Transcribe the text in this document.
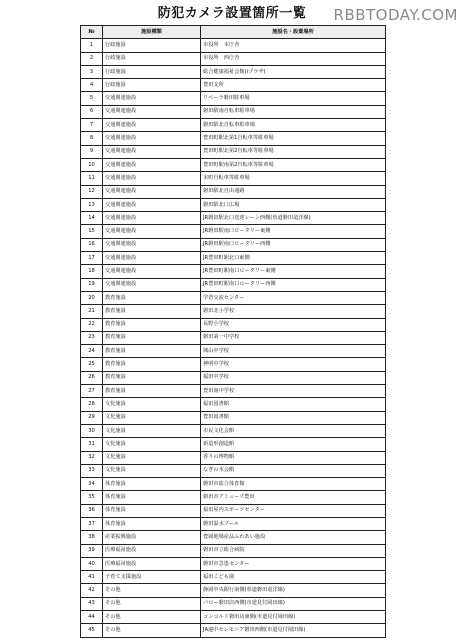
防犯カメラ設置箇所一覧	RBBTODAY.COM
№	施設種類	施設名・設置場所
1	行政施設	市役所　本庁舎
2	行政施設	市役所　西庁舎
3	行政施設	総合健康福祉会館(iプラザ)
4	行政施設	豊田支所
5	交通関連施設	リベーラ磐田駐車場
6	交通関連施設	磐田駅南自転車駐車場
7	交通関連施設	磐田駅北自転車駐車場
8	交通関連施設	豊田町駅北第1自転車等駐車場
9	交通関連施設	豊田町駅北第2自転車等駐車場
10	交通関連施設	豊田町駅南第2自転車等駐車場
11	交通関連施設	末町自転車等駐車場
12	交通関連施設	磐田駅北自由通路
13	交通関連施設	磐田駅北口広場
14	交通関連施設	JR磐田駅北口送迎レーン西側(県道磐田竜洋線)
15	交通関連施設	JR磐田駅南口ロータリー東側
16	交通関連施設	JR磐田駅南口ロータリー西側
17	交通関連施設	JR豊田町駅北口東側
18	交通関連施設	JR豊田町駅南口ロータリー東側
19	交通関連施設	JR豊田町駅南口ロータリー西側
20	教育施設	学習交流センター
21	教育施設	磐田北小学校
22	教育施設	長野小学校
23	教育施設	磐田第一中学校
24	教育施設	城山中学校
25	教育施設	神明中学校
26	教育施設	福田中学校
27	教育施設	豊田南中学校
28	文化施設	福田図書館
29	文化施設	豊田図書館
30	文化施設	市民文化会館
31	文化施設	新造形創造館
32	文化施設	香りの博物館
33	文化施設	なぎの木会館
34	体育施設	磐田市総合体育館
35	体育施設	磐田市アミューズ豊田
36	体育施設	福田屋内スポーツセンター
37	体育施設	磐田温水プール
38	産業振興施設	豊岡地場産品ふれあい施設
39	医療福祉施設	磐田市立総合病院
40	医療福祉施設	磐田市急患センター
41	子育て支援施設	福田こども園
42	その他	静岡中央銀行南側(県道磐田竜洋線)
43	その他	バロー磐田店西側(市道見付岡田線)
44	その他	コンコルド磐田店東側(市道見付岡田線)
45	その他	JA遠中セレモニア磐田西側(市道見付岡田線)
